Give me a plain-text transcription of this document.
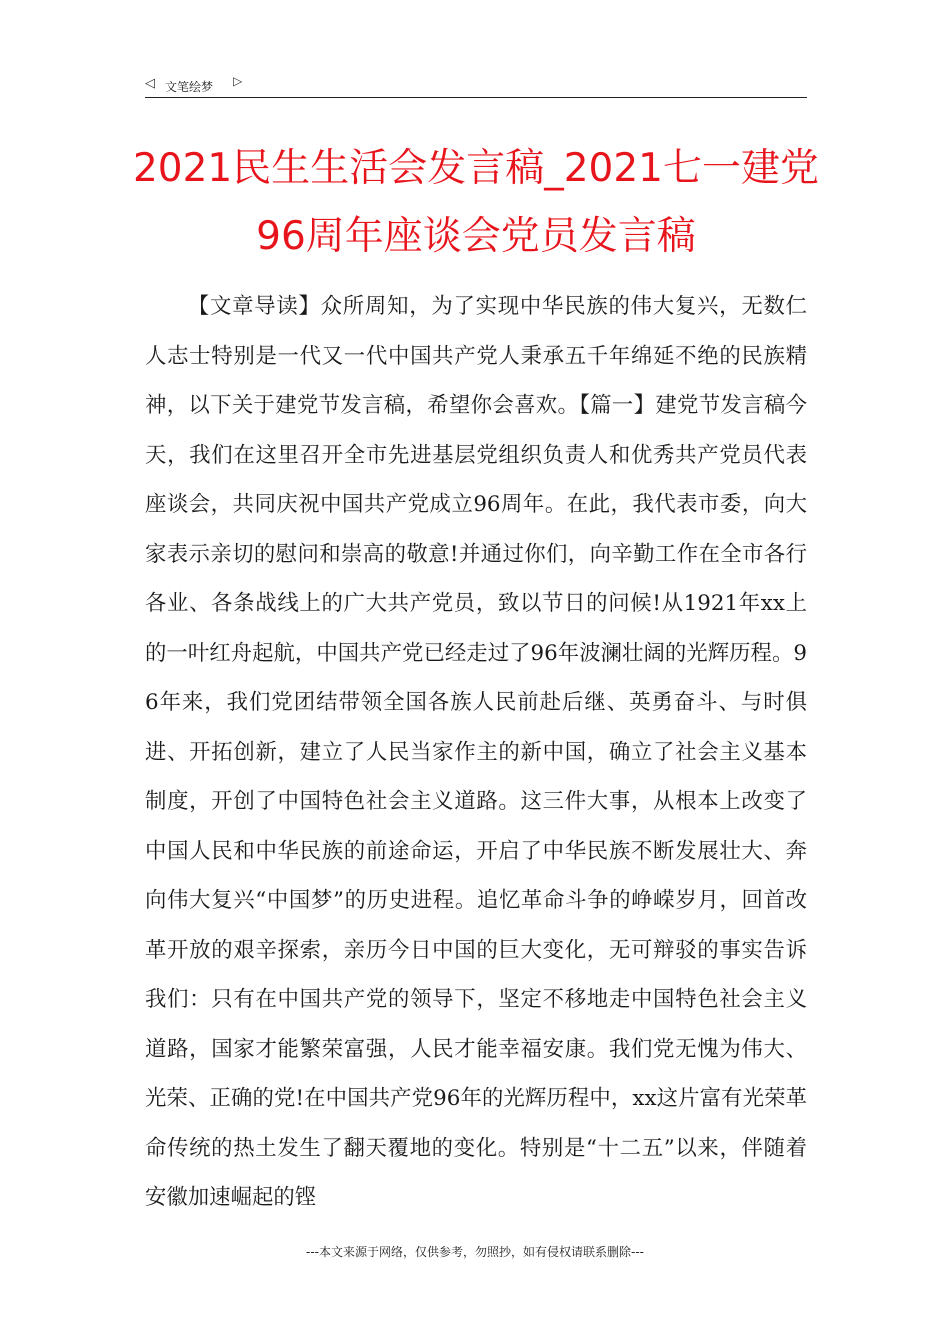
◁ 文笔绘梦 ▷
2021民生生活会发言稿_2021七一建党96周年座谈会党员发言稿

【文章导读】众所周知，为了实现中华民族的伟大复兴，无数仁人志士特别是一代又一代中国共产党人秉承五千年绵延不绝的民族精神，以下关于建党节发言稿，希望你会喜欢。【篇一】建党节发言稿今天，我们在这里召开全市先进基层党组织负责人和优秀共产党员代表座谈会，共同庆祝中国共产党成立96周年。在此，我代表市委，向大家表示亲切的慰问和崇高的敬意!并通过你们，向辛勤工作在全市各行各业、各条战线上的广大共产党员，致以节日的问候!从1921年xx上的一叶红舟起航，中国共产党已经走过了96年波澜壮阔的光辉历程。96年来，我们党团结带领全国各族人民前赴后继、英勇奋斗、与时俱进、开拓创新，建立了人民当家作主的新中国，确立了社会主义基本制度，开创了中国特色社会主义道路。这三件大事，从根本上改变了中国人民和中华民族的前途命运，开启了中华民族不断发展壮大、奔向伟大复兴“中国梦”的历史进程。追忆革命斗争的峥嵘岁月，回首改革开放的艰辛探索，亲历今日中国的巨大变化，无可辩驳的事实告诉我们：只有在中国共产党的领导下，坚定不移地走中国特色社会主义道路，国家才能繁荣富强，人民才能幸福安康。我们党无愧为伟大、光荣、正确的党!在中国共产党96年的光辉历程中，xx这片富有光荣革命传统的热土发生了翻天覆地的变化。特别是“十二五”以来，伴随着安徽加速崛起的铿

---本文来源于网络，仅供参考，勿照抄，如有侵权请联系删除---
